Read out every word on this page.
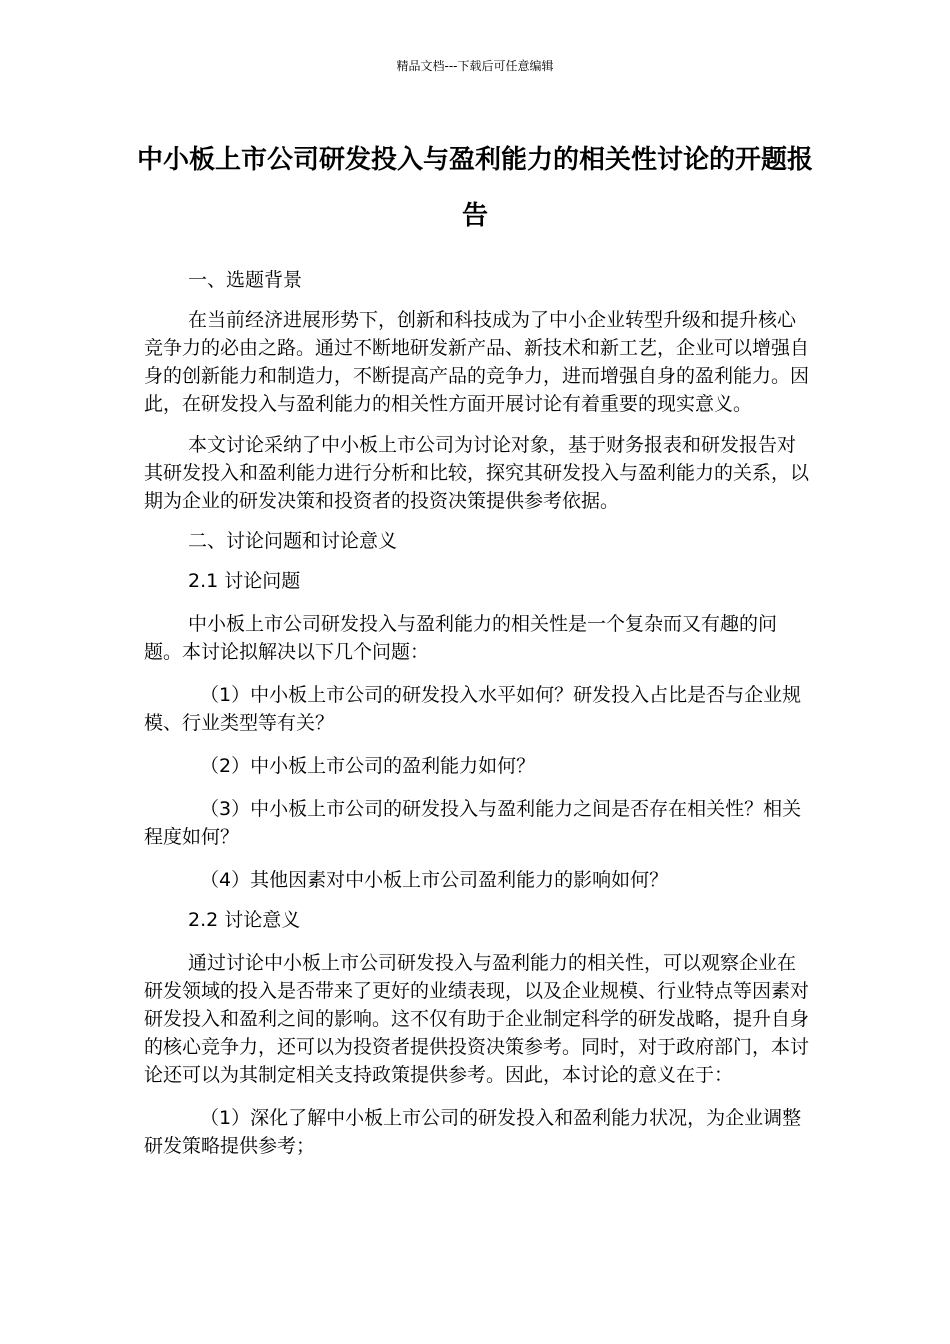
精品文档---下载后可任意编辑
中小板上市公司研发投入与盈利能力的相关性讨论的开题报告

一、选题背景

在当前经济进展形势下，创新和科技成为了中小企业转型升级和提升核心竞争力的必由之路。通过不断地研发新产品、新技术和新工艺，企业可以增强自身的创新能力和制造力，不断提高产品的竞争力，进而增强自身的盈利能力。因此，在研发投入与盈利能力的相关性方面开展讨论有着重要的现实意义。

本文讨论采纳了中小板上市公司为讨论对象，基于财务报表和研发报告对其研发投入和盈利能力进行分析和比较，探究其研发投入与盈利能力的关系，以期为企业的研发决策和投资者的投资决策提供参考依据。

二、讨论问题和讨论意义

2.1 讨论问题

中小板上市公司研发投入与盈利能力的相关性是一个复杂而又有趣的问题。本讨论拟解决以下几个问题：

（1）中小板上市公司的研发投入水平如何？研发投入占比是否与企业规模、行业类型等有关？

（2）中小板上市公司的盈利能力如何？

（3）中小板上市公司的研发投入与盈利能力之间是否存在相关性？相关程度如何？

（4）其他因素对中小板上市公司盈利能力的影响如何？

2.2 讨论意义

通过讨论中小板上市公司研发投入与盈利能力的相关性，可以观察企业在研发领域的投入是否带来了更好的业绩表现，以及企业规模、行业特点等因素对研发投入和盈利之间的影响。这不仅有助于企业制定科学的研发战略，提升自身的核心竞争力，还可以为投资者提供投资决策参考。同时，对于政府部门，本讨论还可以为其制定相关支持政策提供参考。因此，本讨论的意义在于：

（1）深化了解中小板上市公司的研发投入和盈利能力状况，为企业调整研发策略提供参考；
